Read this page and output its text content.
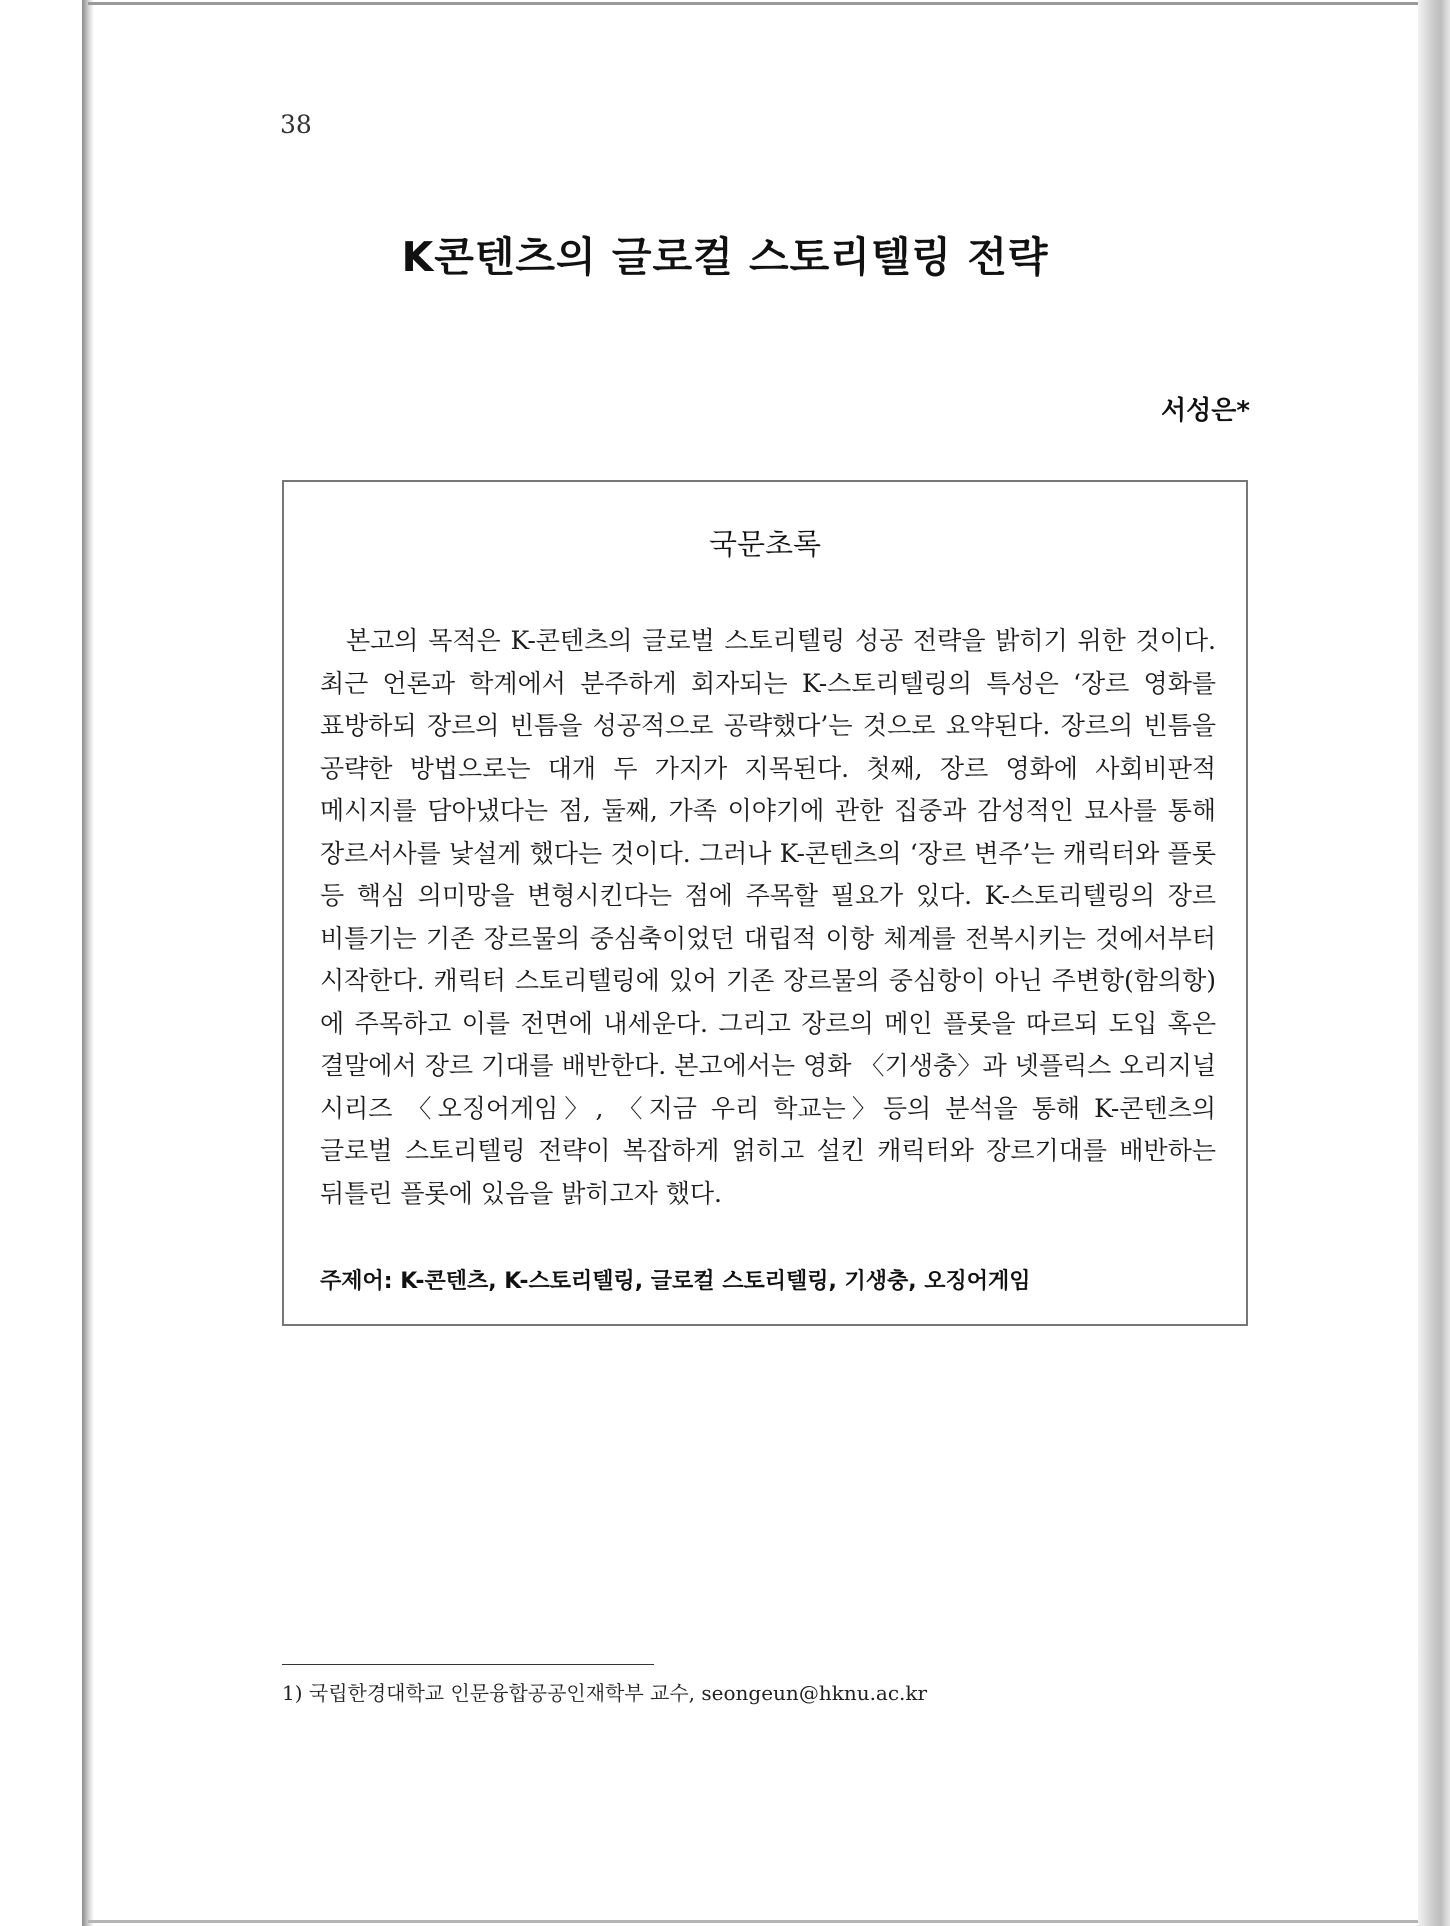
38
K콘텐츠의 글로컬 스토리텔링 전략
서성은*
국문초록

본고의 목적은 K-콘텐츠의 글로벌 스토리텔링 성공 전략을 밝히기 위한 것이다. 최근 언론과 학계에서 분주하게 회자되는 K-스토리텔링의 특성은 ‘장르 영화를 표방하되 장르의 빈틈을 성공적으로 공략했다’는 것으로 요약된다. 장르의 빈틈을 공략한 방법으로는 대개 두 가지가 지목된다. 첫째, 장르 영화에 사회비판적 메시지를 담아냈다는 점, 둘째, 가족 이야기에 관한 집중과 감성적인 묘사를 통해 장르서사를 낯설게 했다는 것이다. 그러나 K-콘텐츠의 ‘장르 변주’는 캐릭터와 플롯 등 핵심 의미망을 변형시킨다는 점에 주목할 필요가 있다. K-스토리텔링의 장르 비틀기는 기존 장르물의 중심축이었던 대립적 이항 체계를 전복시키는 것에서부터 시작한다. 캐릭터 스토리텔링에 있어 기존 장르물의 중심항이 아닌 주변항(함의항)에 주목하고 이를 전면에 내세운다. 그리고 장르의 메인 플롯을 따르되 도입 혹은 결말에서 장르 기대를 배반한다. 본고에서는 영화 〈기생충〉과 넷플릭스 오리지널 시리즈 〈오징어게임〉, 〈지금 우리 학교는〉등의 분석을 통해 K-콘텐츠의 글로벌 스토리텔링 전략이 복잡하게 얽히고 설킨 캐릭터와 장르기대를 배반하는 뒤틀린 플롯에 있음을 밝히고자 했다.

주제어: K-콘텐츠, K-스토리텔링, 글로컬 스토리텔링, 기생충, 오징어게임
1) 국립한경대학교 인문융합공공인재학부 교수, seongeun@hknu.ac.kr
